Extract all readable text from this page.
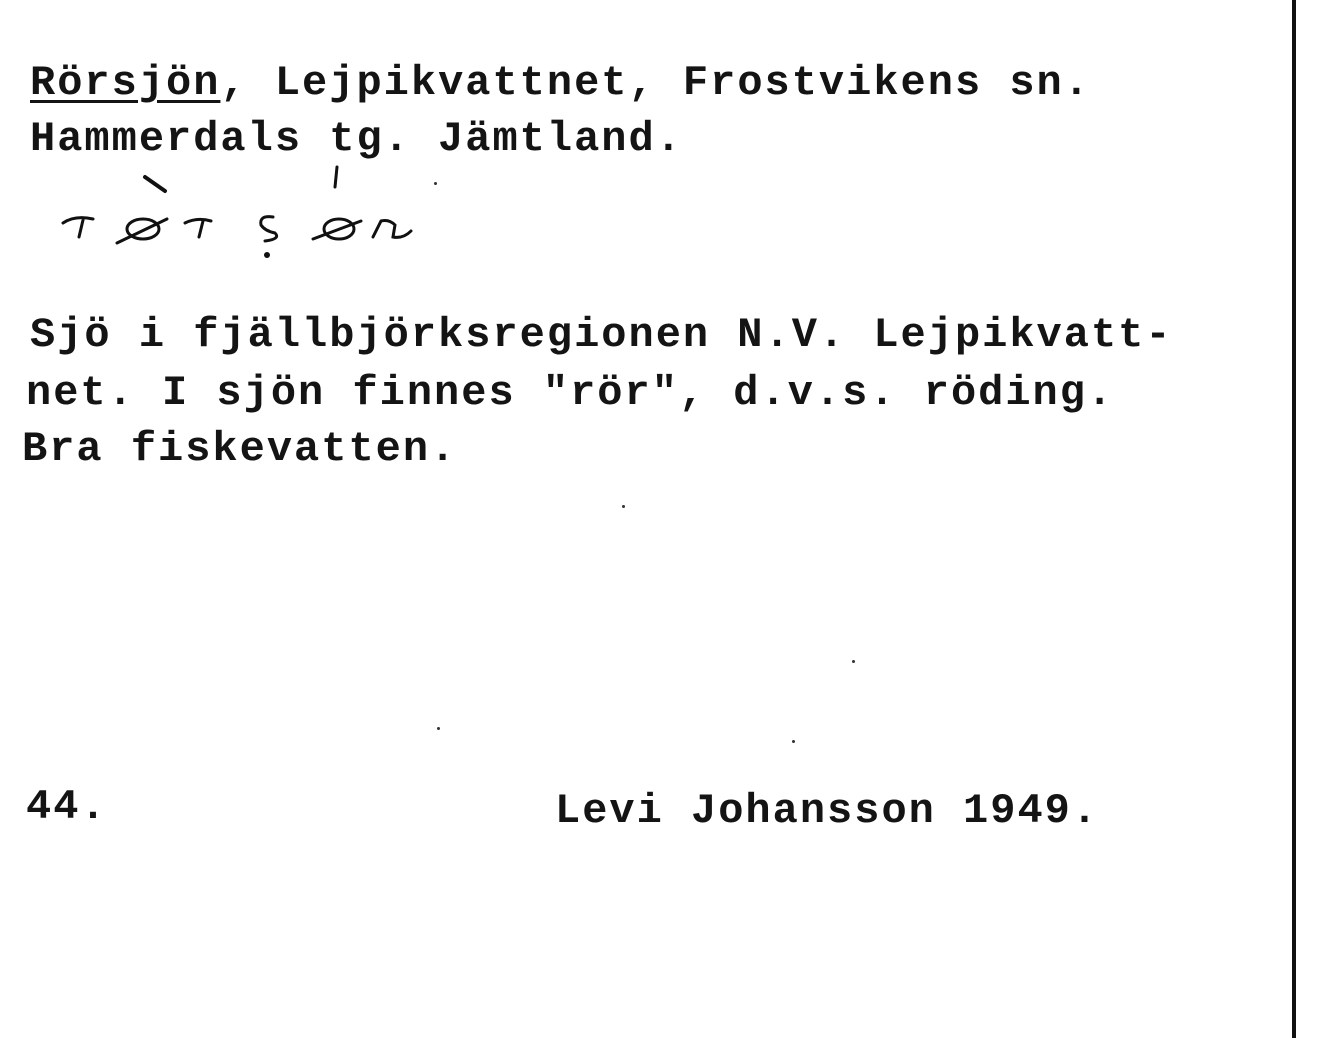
Rörsjön, Lejpikvattnet, Frostvikens sn.
Hammerdals tg. Jämtland.
Sjö i fjällbjörksregionen N.V. Lejpikvatt-
net. I sjön finnes "rör", d.v.s. röding.
Bra fiskevatten.
44.	Levi Johansson 1949.
